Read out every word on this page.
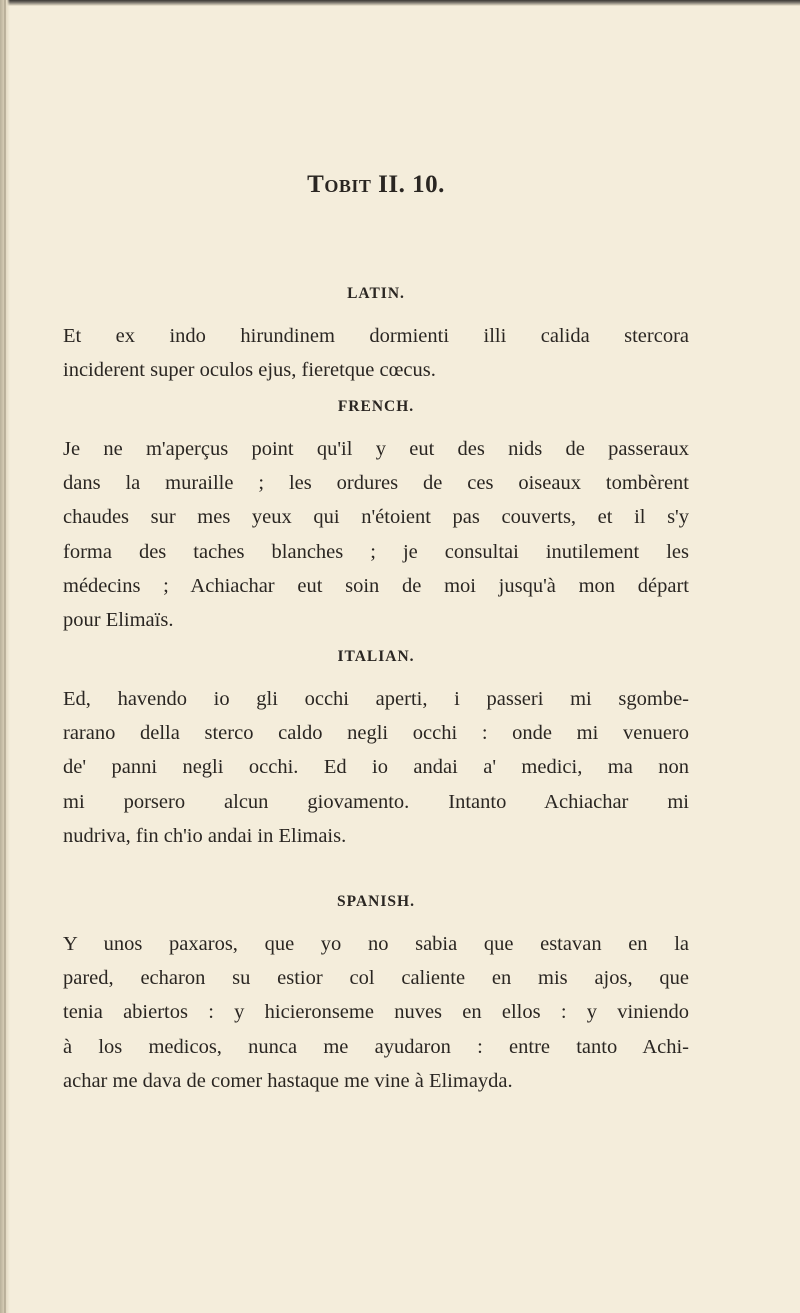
Tobit II. 10.
LATIN.

Et ex indo hirundinem dormienti illi calida stercora
inciderent super oculos ejus, fieretque cœcus.

FRENCH.

Je ne m'aperçus point qu'il y eut des nids de passeraux
dans la muraille ; les ordures de ces oiseaux tombèrent
chaudes sur mes yeux qui n'étoient pas couverts, et il s'y
forma des taches blanches ; je consultai inutilement les
médecins ; Achiachar eut soin de moi jusqu'à mon départ
pour Elimaïs.

ITALIAN.

Ed, havendo io gli occhi aperti, i passeri mi sgombe-
rarano della sterco caldo negli occhi : onde mi venuero
de' panni negli occhi. Ed io andai a' medici, ma non
mi porsero alcun giovamento. Intanto Achiachar mi
nudriva, fin ch'io andai in Elimais.

SPANISH.

Y unos paxaros, que yo no sabia que estavan en la
pared, echaron su estior col caliente en mis ajos, que
tenia abiertos : y hicieronseme nuves en ellos : y viniendo
à los medicos, nunca me ayudaron : entre tanto Achi-
achar me dava de comer hastaque me vine à Elimayda.
